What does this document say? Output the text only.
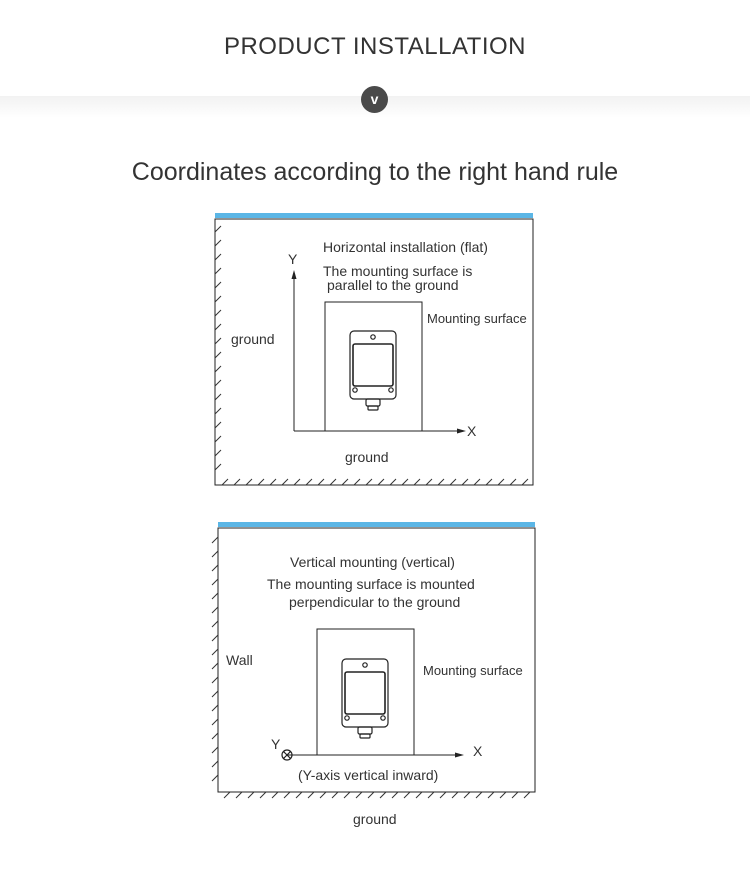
PRODUCT INSTALLATION
v
Coordinates according to the right hand rule
Horizontal installation (flat)
Y
The mounting surface is
parallel to the ground
Mounting surface
ground
X
ground
Vertical mounting (vertical)
The mounting surface is mounted
perpendicular to the ground
Wall
Mounting surface
Y	X
(Y-axis vertical inward)
ground
